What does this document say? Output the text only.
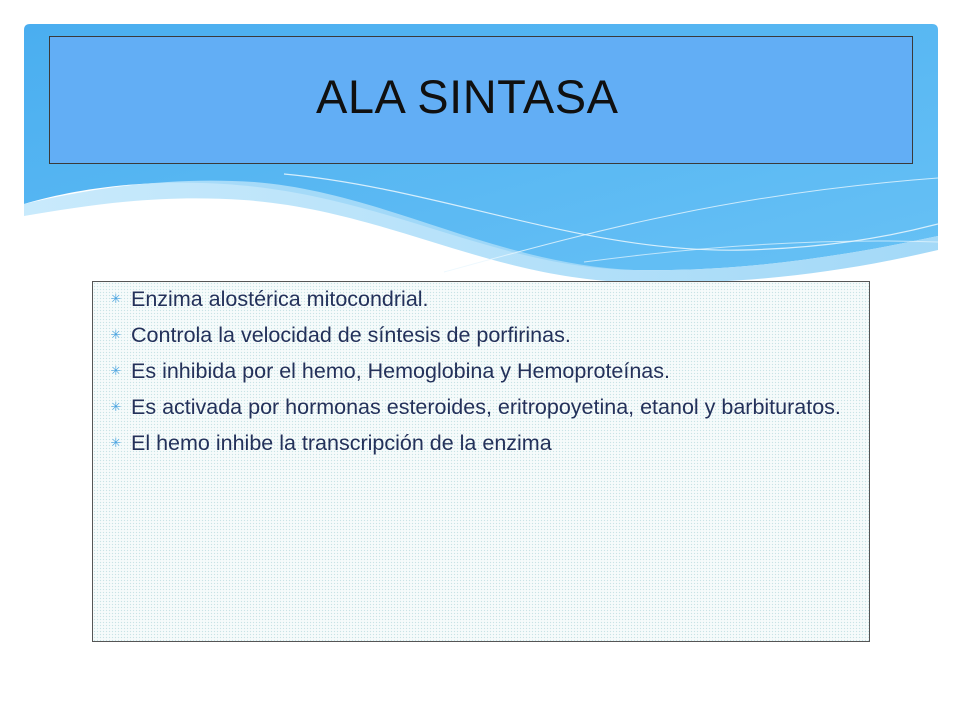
ALA SINTASA
✳ Enzima alostérica mitocondrial.
✳ Controla la velocidad de síntesis de porfirinas.
✳ Es inhibida por el hemo, Hemoglobina y Hemoproteínas.
✳ Es activada por hormonas esteroides, eritropoyetina, etanol y barbituratos.
✳ El hemo inhibe la transcripción de la enzima
